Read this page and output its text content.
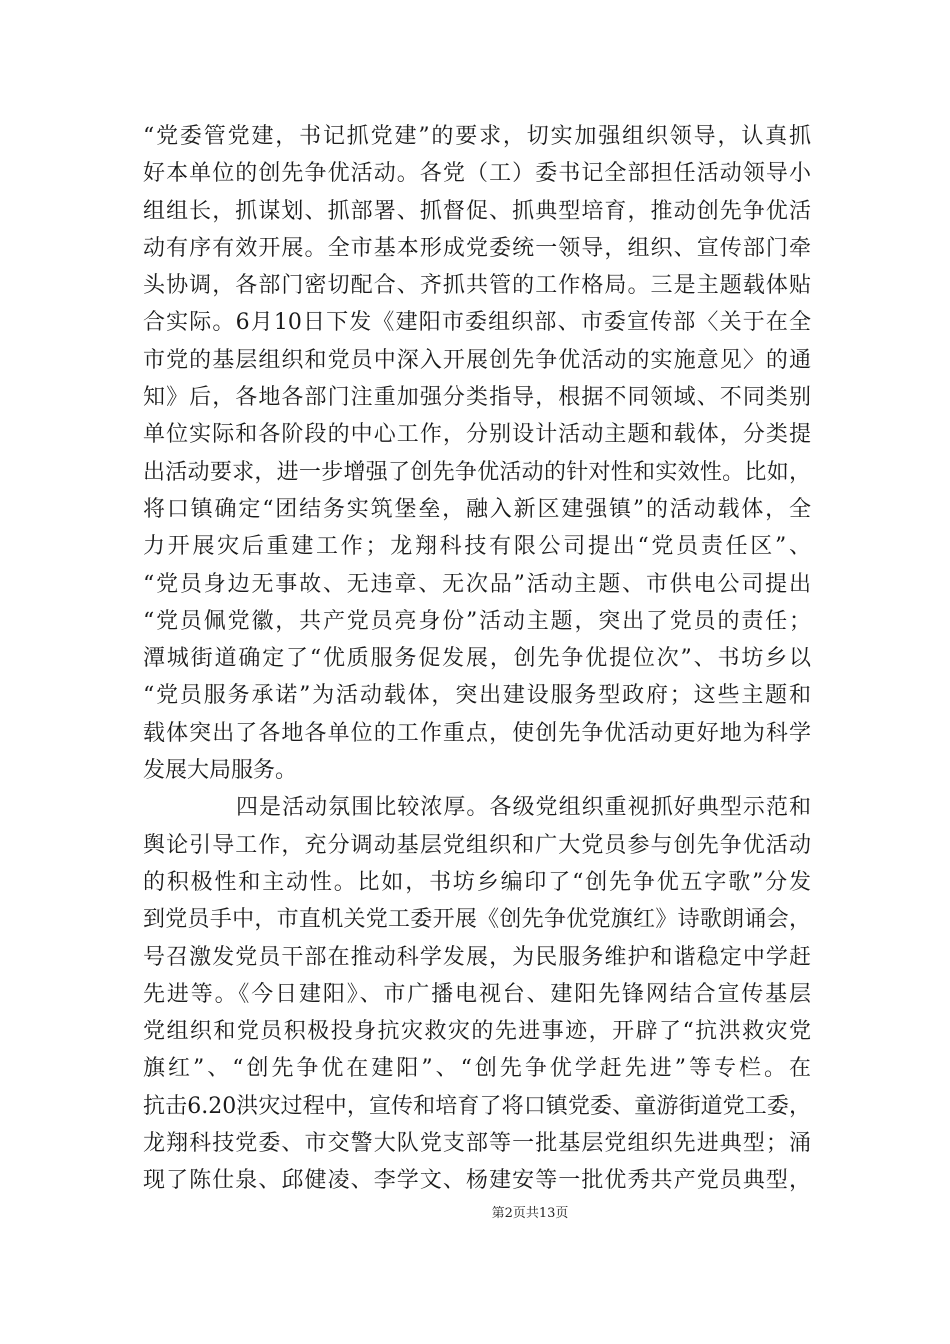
“党委管党建，书记抓党建”的要求，切实加强组织领导，认真抓
好本单位的创先争优活动。各党（工）委书记全部担任活动领导小
组组长，抓谋划、抓部署、抓督促、抓典型培育，推动创先争优活
动有序有效开展。全市基本形成党委统一领导，组织、宣传部门牵
头协调，各部门密切配合、齐抓共管的工作格局。三是主题载体贴
合实际。6月10日下发《建阳市委组织部、市委宣传部〈关于在全
市党的基层组织和党员中深入开展创先争优活动的实施意见〉的通
知》后，各地各部门注重加强分类指导，根据不同领域、不同类别
单位实际和各阶段的中心工作，分别设计活动主题和载体，分类提
出活动要求，进一步增强了创先争优活动的针对性和实效性。比如，
将口镇确定“团结务实筑堡垒，融入新区建强镇”的活动载体，全
力开展灾后重建工作；龙翔科技有限公司提出“党员责任区”、
“党员身边无事故、无违章、无次品”活动主题、市供电公司提出
“党员佩党徽，共产党员亮身份”活动主题，突出了党员的责任；
潭城街道确定了“优质服务促发展，创先争优提位次”、书坊乡以
“党员服务承诺”为活动载体，突出建设服务型政府；这些主题和
载体突出了各地各单位的工作重点，使创先争优活动更好地为科学
发展大局服务。
四是活动氛围比较浓厚。各级党组织重视抓好典型示范和
舆论引导工作，充分调动基层党组织和广大党员参与创先争优活动
的积极性和主动性。比如，书坊乡编印了“创先争优五字歌”分发
到党员手中，市直机关党工委开展《创先争优党旗红》诗歌朗诵会，
号召激发党员干部在推动科学发展，为民服务维护和谐稳定中学赶
先进等。《今日建阳》、市广播电视台、建阳先锋网结合宣传基层
党组织和党员积极投身抗灾救灾的先进事迹，开辟了“抗洪救灾党
旗红”、“创先争优在建阳”、“创先争优学赶先进”等专栏。在
抗击6.20洪灾过程中，宣传和培育了将口镇党委、童游街道党工委，
龙翔科技党委、市交警大队党支部等一批基层党组织先进典型；涌
现了陈仕泉、邱健凌、李学文、杨建安等一批优秀共产党员典型，
第2页共13页
